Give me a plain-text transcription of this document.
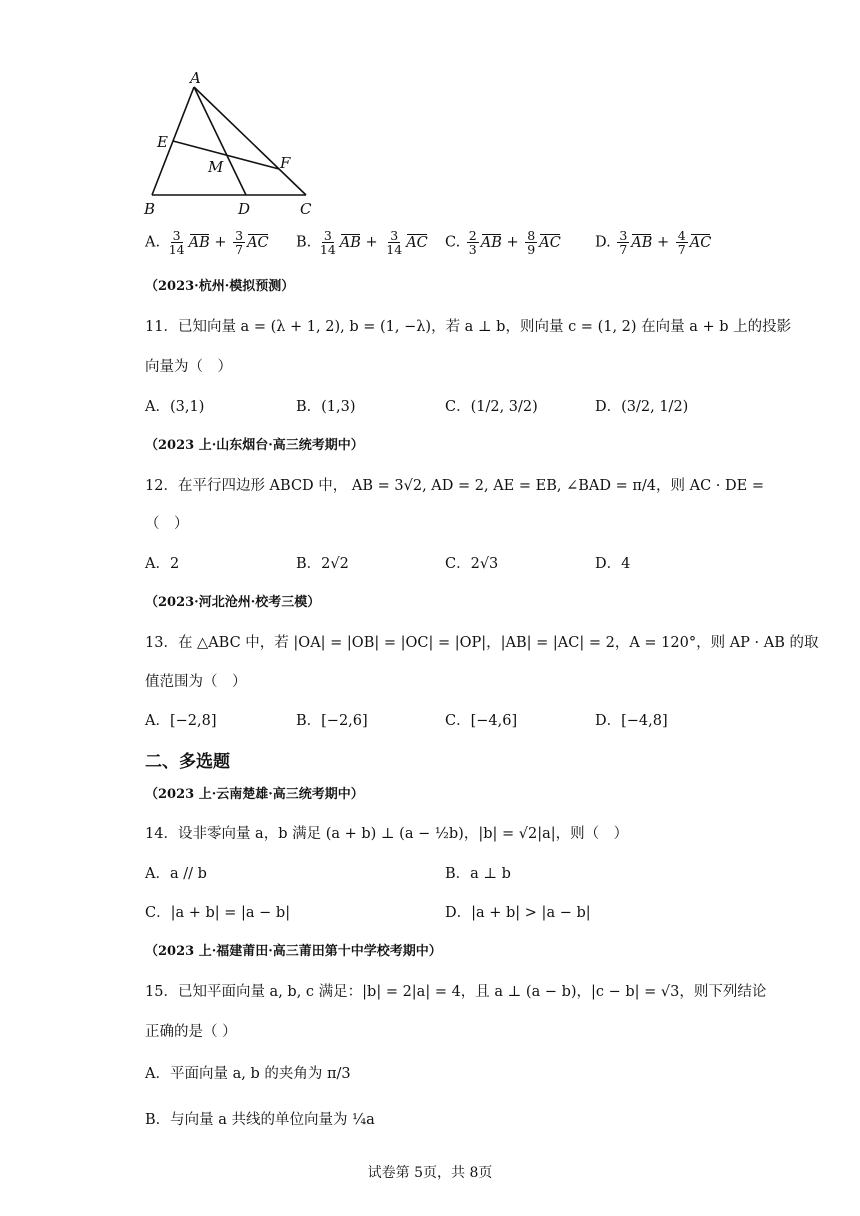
A
E
M	F
B	D	C
A. $\frac{3}{14}$ AB + $\frac{3}{7}$ AC B. $\frac{3}{14}$ AB + $\frac{3}{14}$ AC C. $\frac{2}{3}$ AB + $\frac{8}{9}$ AC D. $\frac{3}{7}$ AB + $\frac{4}{7}$ AC
（2023·杭州·模拟预测）
11．已知向量 a = (λ + 1, 2), b = (1, −λ)，若 a ⊥ b，则向量 c = (1, 2) 在向量 a + b 上的投影
向量为（　）
A．(3,1)	B．(1,3)	C．(1/2, 3/2)	D．(3/2, 1/2)
（2023 上·山东烟台·高三统考期中）
12．在平行四边形 ABCD 中， AB = 3√2, AD = 2, AE = EB, ∠BAD = π/4，则 AC · DE =
（　）
A．2	B．2√2	C．2√3	D．4
（2023·河北沧州·校考三模）
13．在 △ABC 中，若 |OA| = |OB| = |OC| = |OP|，|AB| = |AC| = 2，A = 120°，则 AP · AB 的取
值范围为（　）
A．[−2,8]	B．[−2,6]	C．[−4,6]	D．[−4,8]
二、多选题
（2023 上·云南楚雄·高三统考期中）
14．设非零向量 a，b 满足 (a + b) ⊥ (a − ½b)，|b| = √2|a|，则（　）
A．a // b	B．a ⊥ b
C．|a + b| = |a − b|	D．|a + b| > |a − b|
（2023 上·福建莆田·高三莆田第十中学校考期中）
15．已知平面向量 a, b, c 满足：|b| = 2|a| = 4，且 a ⊥ (a − b)，|c − b| = √3，则下列结论
正确的是（ ）
A．平面向量 a, b 的夹角为 π/3
B．与向量 a 共线的单位向量为 ¼a
试卷第 5页，共 8页
